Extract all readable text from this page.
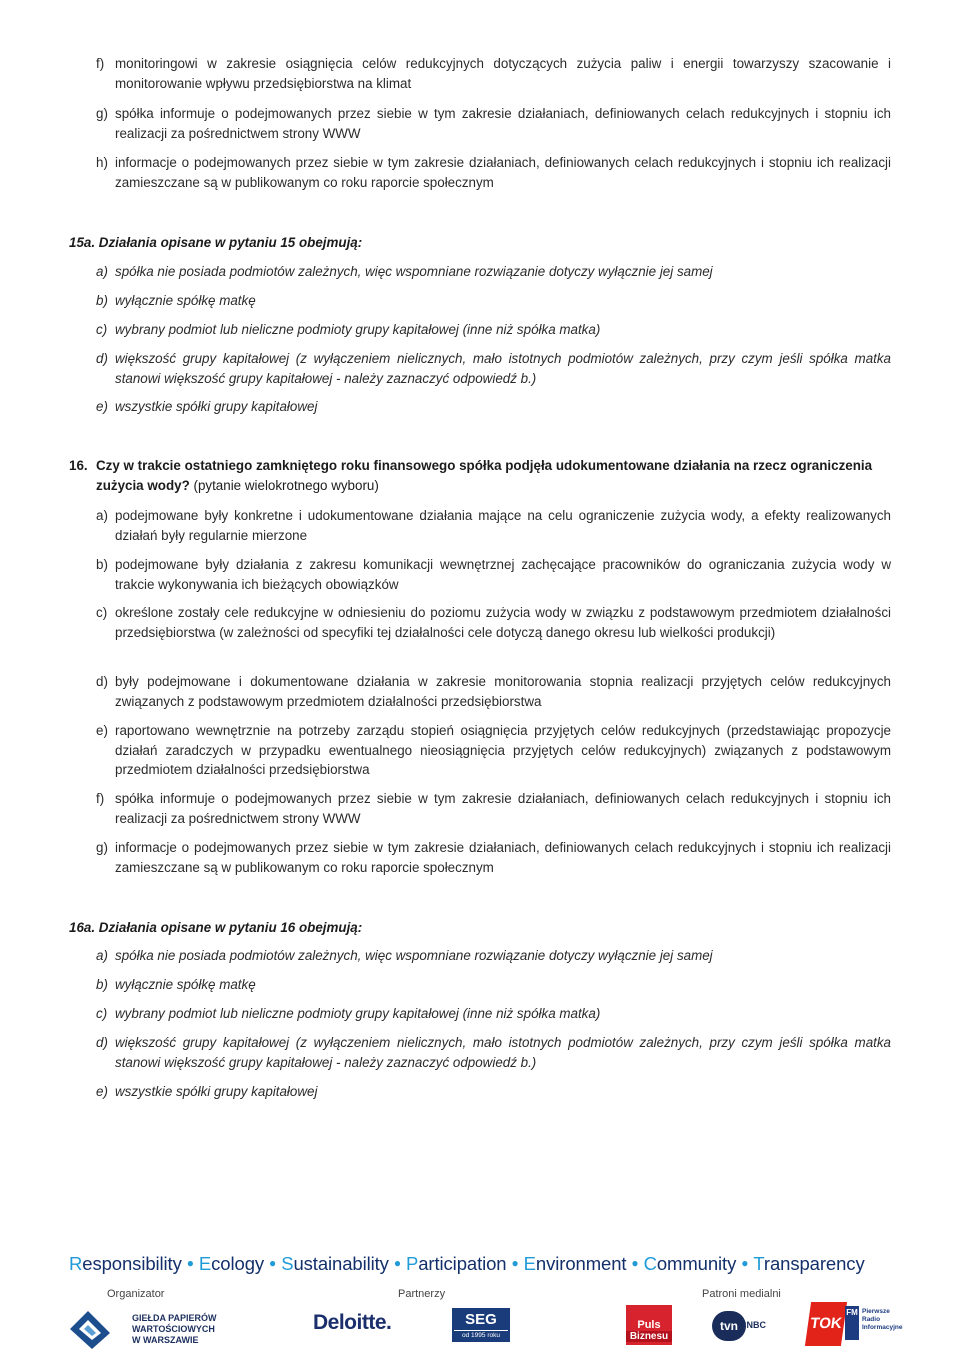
f) monitoringowi w zakresie osiągnięcia celów redukcyjnych dotyczących zużycia paliw i energii towarzyszy szacowanie i monitorowanie wpływu przedsiębiorstwa na klimat
g) spółka informuje o podejmowanych przez siebie w tym zakresie działaniach, definiowanych celach redukcyjnych i stopniu ich realizacji za pośrednictwem strony WWW
h) informacje o podejmowanych przez siebie w tym zakresie działaniach, definiowanych celach redukcyjnych i stopniu ich realizacji zamieszczane są w publikowanym co roku raporcie społecznym
15a. Działania opisane w pytaniu 15 obejmują:
a) spółka nie posiada podmiotów zależnych, więc wspomniane rozwiązanie dotyczy wyłącznie jej samej
b) wyłącznie spółkę matkę
c) wybrany podmiot lub nieliczne podmioty grupy kapitałowej (inne niż spółka matka)
d) większość grupy kapitałowej (z wyłączeniem nielicznych, mało istotnych podmiotów zależnych, przy czym jeśli spółka matka stanowi większość grupy kapitałowej - należy zaznaczyć odpowiedź b.)
e) wszystkie spółki grupy kapitałowej
16. Czy w trakcie ostatniego zamkniętego roku finansowego spółka podjęła udokumentowane działania na rzecz ograniczenia zużycia wody? (pytanie wielokrotnego wyboru)
a) podejmowane były konkretne i udokumentowane działania mające na celu ograniczenie zużycia wody, a efekty realizowanych działań były regularnie mierzone
b) podejmowane były działania z zakresu komunikacji wewnętrznej zachęcające pracowników do ograniczania zużycia wody w trakcie wykonywania ich bieżących obowiązków
c) określone zostały cele redukcyjne w odniesieniu do poziomu zużycia wody w związku z podstawowym przedmiotem działalności przedsiębiorstwa (w zależności od specyfiki tej działalności cele dotyczą danego okresu lub wielkości produkcji)
d) były podejmowane i dokumentowane działania w zakresie monitorowania stopnia realizacji przyjętych celów redukcyjnych związanych z podstawowym przedmiotem działalności przedsiębiorstwa
e) raportowano wewnętrznie na potrzeby zarządu stopień osiągnięcia przyjętych celów redukcyjnych (przedstawiając propozycje działań zaradczych w przypadku ewentualnego nieosiągnięcia przyjętych celów redukcyjnych) związanych z podstawowym przedmiotem działalności przedsiębiorstwa
f) spółka informuje o podejmowanych przez siebie w tym zakresie działaniach, definiowanych celach redukcyjnych i stopniu ich realizacji za pośrednictwem strony WWW
g) informacje o podejmowanych przez siebie w tym zakresie działaniach, definiowanych celach redukcyjnych i stopniu ich realizacji zamieszczane są w publikowanym co roku raporcie społecznym
16a. Działania opisane w pytaniu 16 obejmują:
a) spółka nie posiada podmiotów zależnych, więc wspomniane rozwiązanie dotyczy wyłącznie jej samej
b) wyłącznie spółkę matkę
c) wybrany podmiot lub nieliczne podmioty grupy kapitałowej (inne niż spółka matka)
d) większość grupy kapitałowej (z wyłączeniem nielicznych, mało istotnych podmiotów zależnych, przy czym jeśli spółka matka stanowi większość grupy kapitałowej - należy zaznaczyć odpowiedź b.)
e) wszystkie spółki grupy kapitałowej
Responsibility ● Ecology ● Sustainability ● Participation ● Environment ● Community ● Transparency
Organizator	Partnerzy	Patroni medialni
GIEŁDA PAPIERÓW
WARTOŚCIOWYCH
W WARSZAWIE
Deloitte.	SEG
od 1995 roku
Puls
Biznesu
tvn CNBC	TOK
FM Pierwsze
Radio
Informacyjne
